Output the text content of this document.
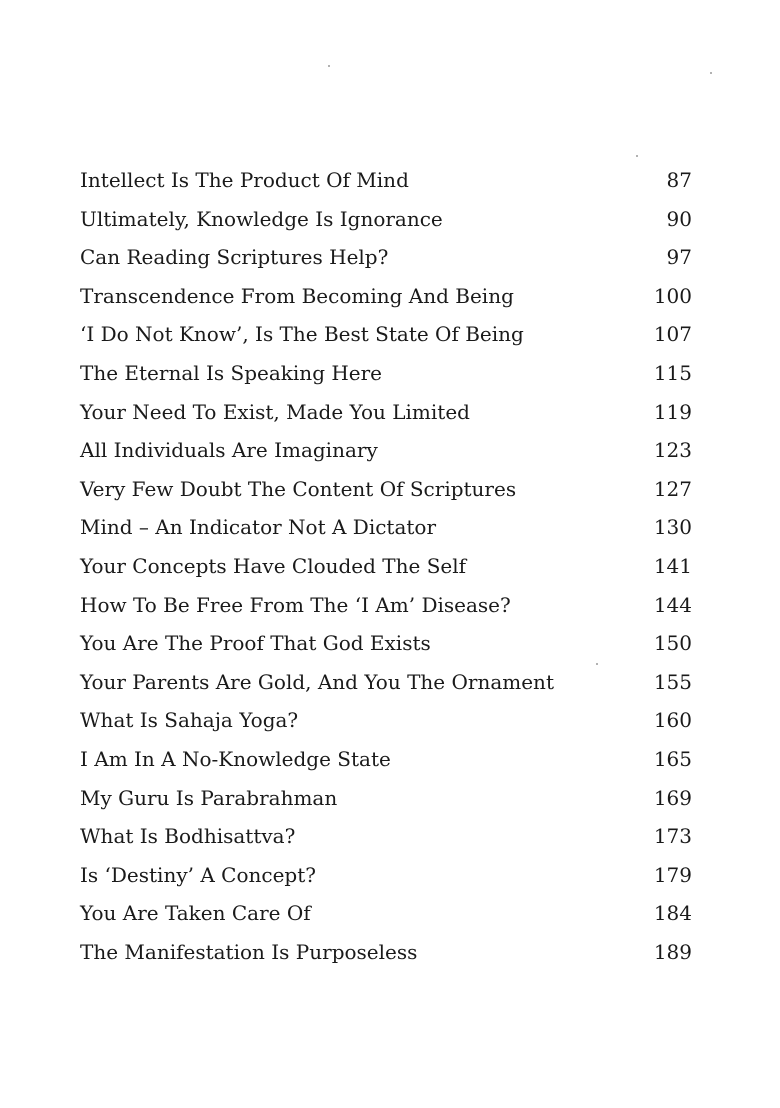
Intellect Is The Product Of Mind	87
Ultimately, Knowledge Is Ignorance	90
Can Reading Scriptures Help?	97
Transcendence From Becoming And Being	100
‘I Do Not Know’, Is The Best State Of Being	107
The Eternal Is Speaking Here	115
Your Need To Exist, Made You Limited	119
All Individuals Are Imaginary	123
Very Few Doubt The Content Of Scriptures	127
Mind – An Indicator Not A Dictator	130
Your Concepts Have Clouded The Self	141
How To Be Free From The ‘I Am’ Disease?	144
You Are The Proof That God Exists	150
Your Parents Are Gold, And You The Ornament	155
What Is Sahaja Yoga?	160
I Am In A No-Knowledge State	165
My Guru Is Parabrahman	169
What Is Bodhisattva?	173
Is ‘Destiny’ A Concept?	179
You Are Taken Care Of	184
The Manifestation Is Purposeless	189
